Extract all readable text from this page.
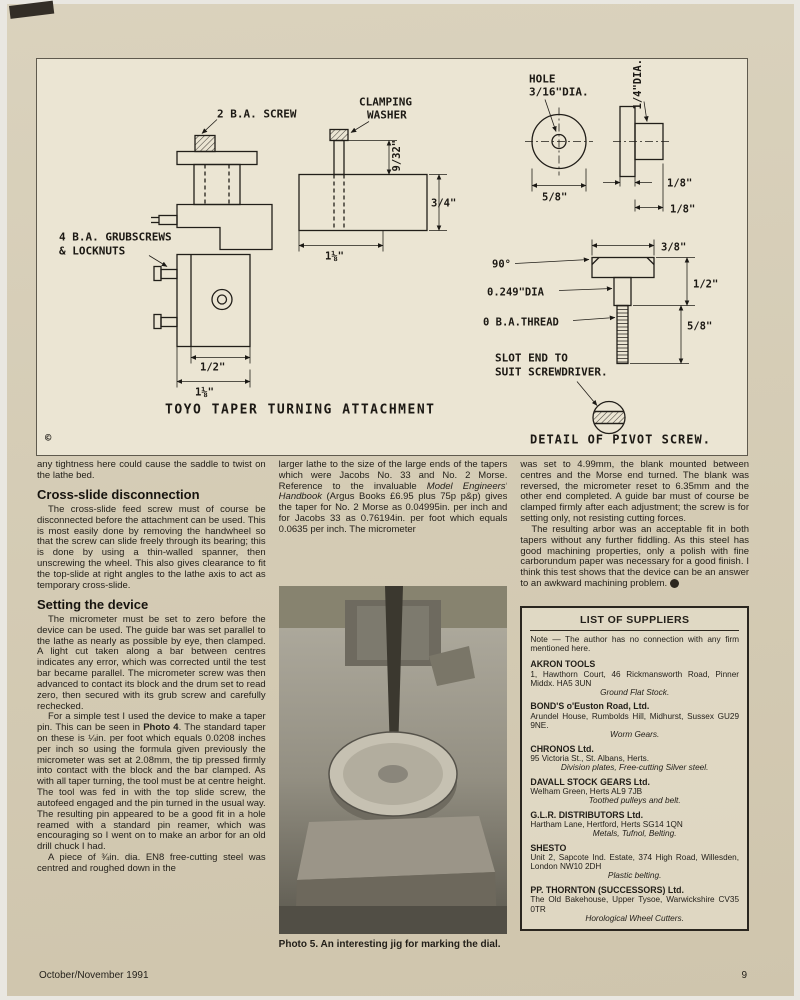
2 B.A. SCREW
CLAMPING
WASHER
4 B.A. GRUBSCREWS
& LOCKNUTS
HOLE
3/16"DIA.	1/4"DIA.
9/32"
3/4"
1⅛"
1/2"
1⅛"
5/8"
1/8"
1/8"
3/8"
90°
0.249"DIA
0 B.A.THREAD
1/2"
5/8"
SLOT END TO
SUIT SCREWDRIVER.
TOYO TAPER TURNING ATTACHMENT
DETAIL OF PIVOT SCREW.
©

any tightness here could cause the saddle to twist on the lathe bed.

Cross-slide disconnection

The cross-slide feed screw must of course be disconnected before the attachment can be used. This is most easily done by removing the handwheel so that the screw can slide freely through its bearing; this is done by using a thin-walled spanner, then unscrewing the wheel. This also gives clearance to fit the top-slide at right angles to the lathe axis to act as temporary cross-slide.

Setting the device

The micrometer must be set to zero before the device can be used. The guide bar was set parallel to the lathe as nearly as possible by eye, then clamped. A light cut taken along a bar between centres indicates any error, which was corrected until the test bar became parallel. The micrometer screw was then advanced to contact its block and the drum set to read zero, then secured with its grub screw and carefully rechecked.

For a simple test I used the device to make a taper pin. This can be seen in Photo 4. The standard taper on these is ¼in. per foot which equals 0.0208 inches per inch so using the formula given previously the micrometer was set at 2.08mm, the tip pressed firmly into contact with the block and the bar clamped. As with all taper turning, the tool must be at centre height. The tool was fed in with the top slide screw, the autofeed engaged and the pin turned in the usual way. The resulting pin appeared to be a good fit in a hole reamed with a standard pin reamer, which was encouraging so I went on to make an arbor for an old drill chuck I had.

A piece of ¾in. dia. EN8 free-cutting steel was centred and roughed down in the

larger lathe to the size of the large ends of the tapers which were Jacobs No. 33 and No. 2 Morse. Reference to the invaluable Model Engineers' Handbook (Argus Books £6.95 plus 75p p&p) gives the taper for No. 2 Morse as 0.04995in. per inch and for Jacobs 33 as 0.76194in. per foot which equals 0.0635 per inch. The micrometer

Photo 5. An interesting jig for marking the dial.

was set to 4.99mm, the blank mounted between centres and the Morse end turned. The blank was reversed, the micrometer reset to 6.35mm and the other end completed. A guide bar must of course be clamped firmly after each adjustment; the screw is for setting only, not resisting cutting forces.

The resulting arbor was an acceptable fit in both tapers without any further fiddling. As this steel has good machining properties, only a polish with fine carborundum paper was necessary for a good finish. I think this test shows that the device can be an answer to an awkward machining problem.

LIST OF SUPPLIERS
Note — The author has no connection with any firm mentioned here.
AKRON TOOLS
1, Hawthorn Court, 46 Rickmansworth Road, Pinner Middx. HA5 3UN
Ground Flat Stock.
BOND'S o'Euston Road, Ltd.
Arundel House, Rumbolds Hill, Midhurst, Sussex GU29 9NE.
Worm Gears.
CHRONOS Ltd.
95 Victoria St., St. Albans, Herts.
Division plates, Free-cutting Silver steel.
DAVALL STOCK GEARS Ltd.
Welham Green, Herts AL9 7JB
Toothed pulleys and belt.
G.L.R. DISTRIBUTORS Ltd.
Hartham Lane, Hertford, Herts SG14 1QN
Metals, Tufnol, Belting.
SHESTO
Unit 2, Sapcote Ind. Estate, 374 High Road, Willesden, London NW10 2DH
Plastic belting.
PP. THORNTON (SUCCESSORS) Ltd.
The Old Bakehouse, Upper Tysoe, Warwickshire CV35 0TR
Horological Wheel Cutters.
October/November 1991	9
